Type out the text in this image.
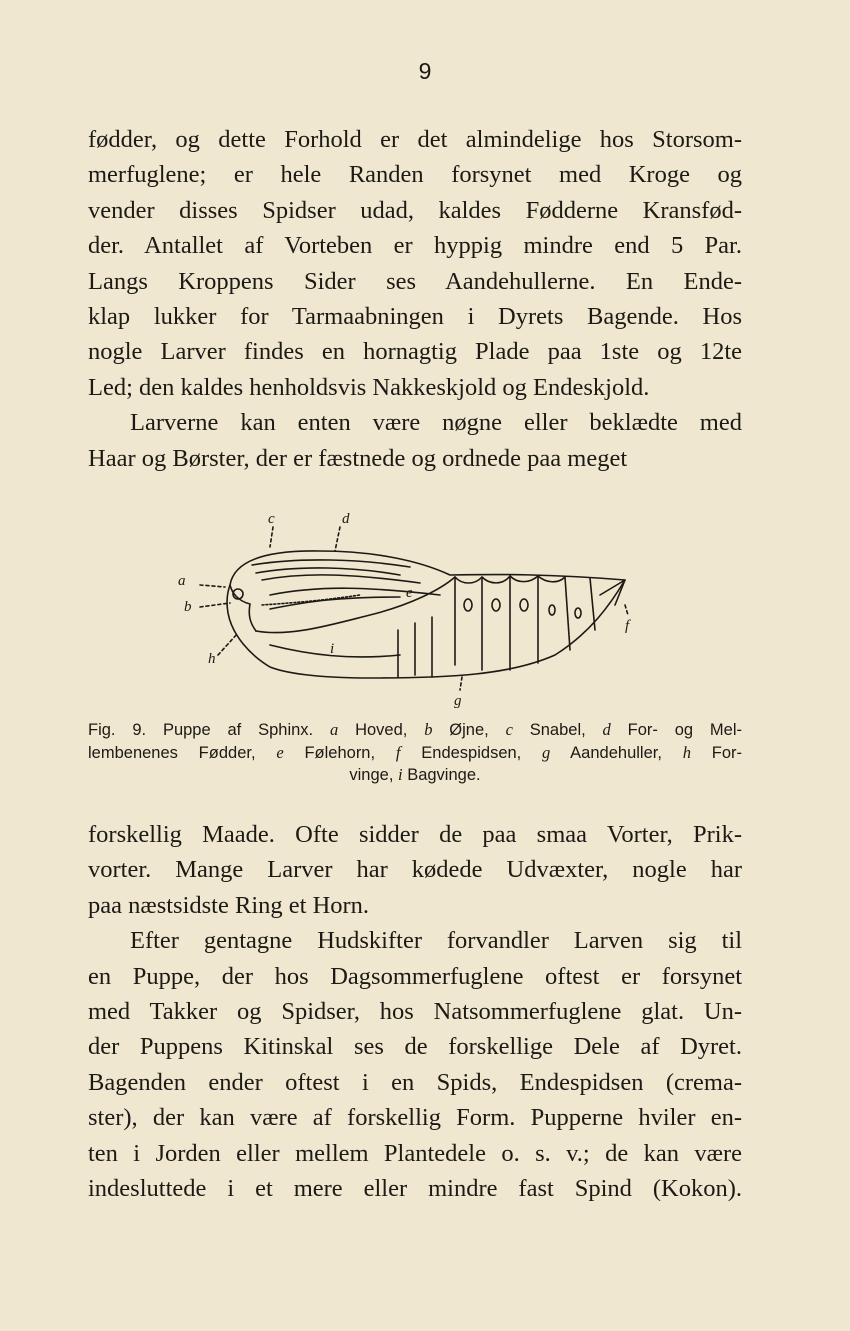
9
fødder, og dette Forhold er det almindelige hos Storsom-
merfuglene; er hele Randen forsynet med Kroge og
vender disses Spidser udad, kaldes Fødderne Kransfød-
der. Antallet af Vorteben er hyppig mindre end 5 Par.
Langs Kroppens Sider ses Aandehullerne. En Ende-
klap lukker for Tarmaabningen i Dyrets Bagende. Hos
nogle Larver findes en hornagtig Plade paa 1ste og 12te
Led; den kaldes henholdsvis Nakkeskjold og Endeskjold.
Larverne kan enten være nøgne eller beklædte med
Haar og Børster, der er fæstnede og ordnede paa meget
a
b
h
c	d
e
i
f
g
Fig. 9. Puppe af Sphinx. a Hoved, b Øjne, c Snabel, d For- og Mel-
lembenenes Fødder, e Følehorn, f Endespidsen, g Aandehuller, h For-
vinge, i Bagvinge.
forskellig Maade. Ofte sidder de paa smaa Vorter, Prik-
vorter. Mange Larver har kødede Udvæxter, nogle har
paa næstsidste Ring et Horn.
Efter gentagne Hudskifter forvandler Larven sig til
en Puppe, der hos Dagsommerfuglene oftest er forsynet
med Takker og Spidser, hos Natsommerfuglene glat. Un-
der Puppens Kitinskal ses de forskellige Dele af Dyret.
Bagenden ender oftest i en Spids, Endespidsen (crema-
ster), der kan være af forskellig Form. Pupperne hviler en-
ten i Jorden eller mellem Plantedele o. s. v.; de kan være
indesluttede i et mere eller mindre fast Spind (Kokon).
